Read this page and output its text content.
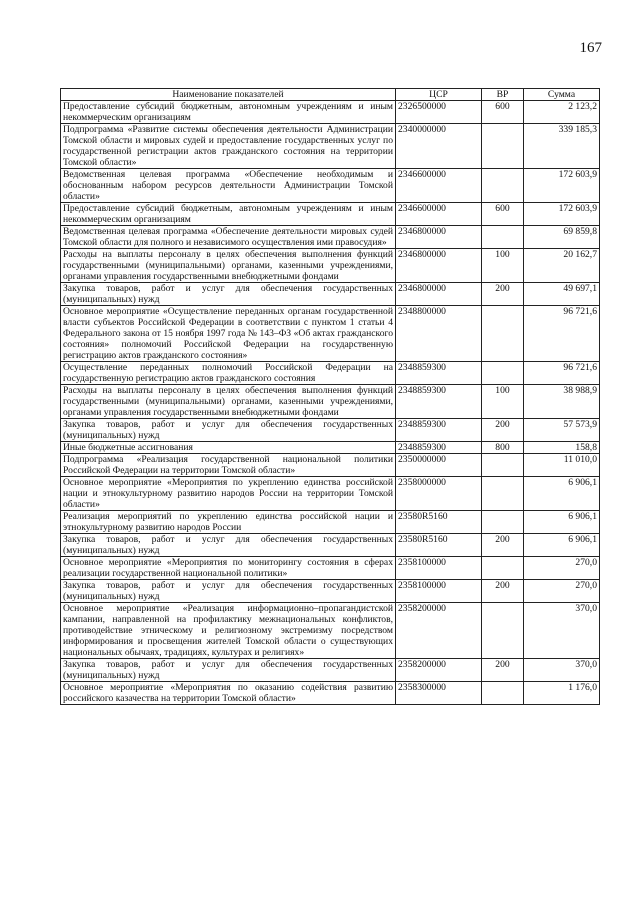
167
Наименование показателей	ЦСР	ВР	Сумма
Предоставление субсидий бюджетным, автономным учреждениям и иным некоммерческим организациям	2326500000	600	2 123,2
Подпрограмма «Развитие системы обеспечения деятельности Администрации Томской области и мировых судей и предоставление государственных услуг по государственной регистрации актов гражданского состояния на территории Томской области»	2340000000		339 185,3
Ведомственная целевая программа «Обеспечение необходимым и обоснованным набором ресурсов деятельности Администрации Томской области»	2346600000		172 603,9
Предоставление субсидий бюджетным, автономным учреждениям и иным некоммерческим организациям	2346600000	600	172 603,9
Ведомственная целевая программа «Обеспечение деятельности мировых судей Томской области для полного и независимого осуществления ими правосудия»	2346800000		69 859,8
Расходы на выплаты персоналу в целях обеспечения выполнения функций государственными (муниципальными) органами, казенными учреждениями, органами управления государственными внебюджетными фондами	2346800000	100	20 162,7
Закупка товаров, работ и услуг для обеспечения государственных (муниципальных) нужд	2346800000	200	49 697,1
Основное мероприятие «Осуществление переданных органам государственной власти субъектов Российской Федерации в соответствии с пунктом 1 статьи 4 Федерального закона от 15 ноября 1997 года № 143–ФЗ «Об актах гражданского состояния» полномочий Российской Федерации на государственную регистрацию актов гражданского состояния»	2348800000		96 721,6
Осуществление переданных полномочий Российской Федерации на государственную регистрацию актов гражданского состояния	2348859300		96 721,6
Расходы на выплаты персоналу в целях обеспечения выполнения функций государственными (муниципальными) органами, казенными учреждениями, органами управления государственными внебюджетными фондами	2348859300	100	38 988,9
Закупка товаров, работ и услуг для обеспечения государственных (муниципальных) нужд	2348859300	200	57 573,9
Иные бюджетные ассигнования	2348859300	800	158,8
Подпрограмма «Реализация государственной национальной политики Российской Федерации на территории Томской области»	2350000000		11 010,0
Основное мероприятие «Мероприятия по укреплению единства российской нации и этнокультурному развитию народов России на территории Томской области»	2358000000		6 906,1
Реализация мероприятий по укреплению единства российской нации и этнокультурному развитию народов России	23580R5160		6 906,1
Закупка товаров, работ и услуг для обеспечения государственных (муниципальных) нужд	23580R5160	200	6 906,1
Основное мероприятие «Мероприятия по мониторингу состояния в сферах реализации государственной национальной политики»	2358100000		270,0
Закупка товаров, работ и услуг для обеспечения государственных (муниципальных) нужд	2358100000	200	270,0
Основное мероприятие «Реализация информационно–пропагандистской кампании, направленной на профилактику межнациональных конфликтов, противодействие этническому и религиозному экстремизму посредством информирования и просвещения жителей Томской области о существующих национальных обычаях, традициях, культурах и религиях»	2358200000		370,0
Закупка товаров, работ и услуг для обеспечения государственных (муниципальных) нужд	2358200000	200	370,0
Основное мероприятие «Мероприятия по оказанию содействия развитию российского казачества на территории Томской области»	2358300000		1 176,0
